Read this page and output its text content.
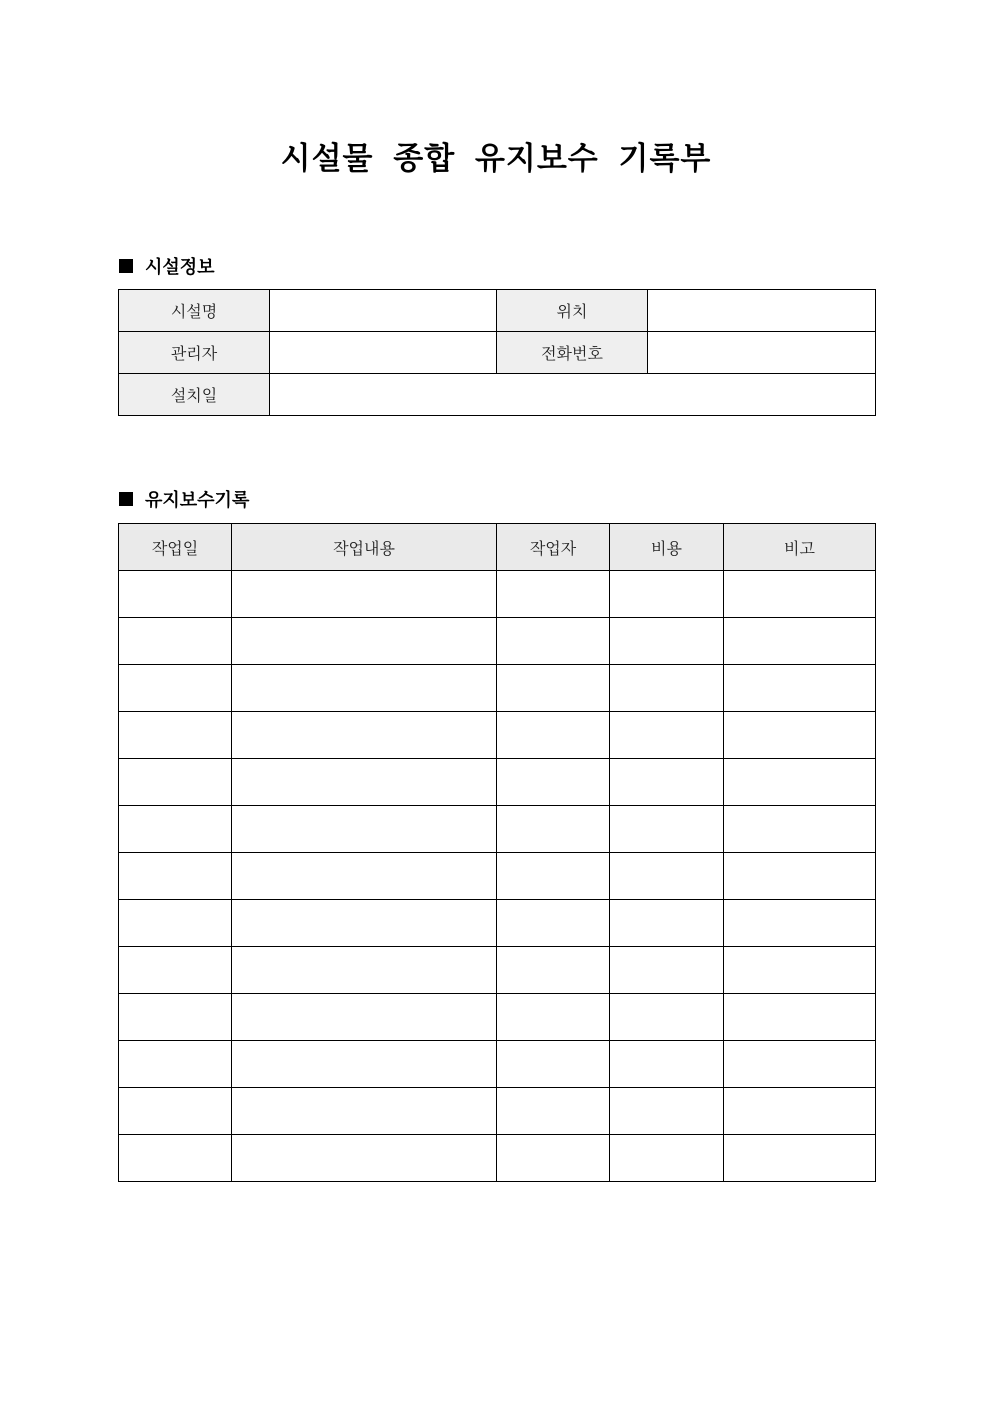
시설물 종합 유지보수 기록부
시설정보
시설명		위치	
관리자		전화번호	
설치일			
유지보수기록
작업일	작업내용	작업자	비용	비고
